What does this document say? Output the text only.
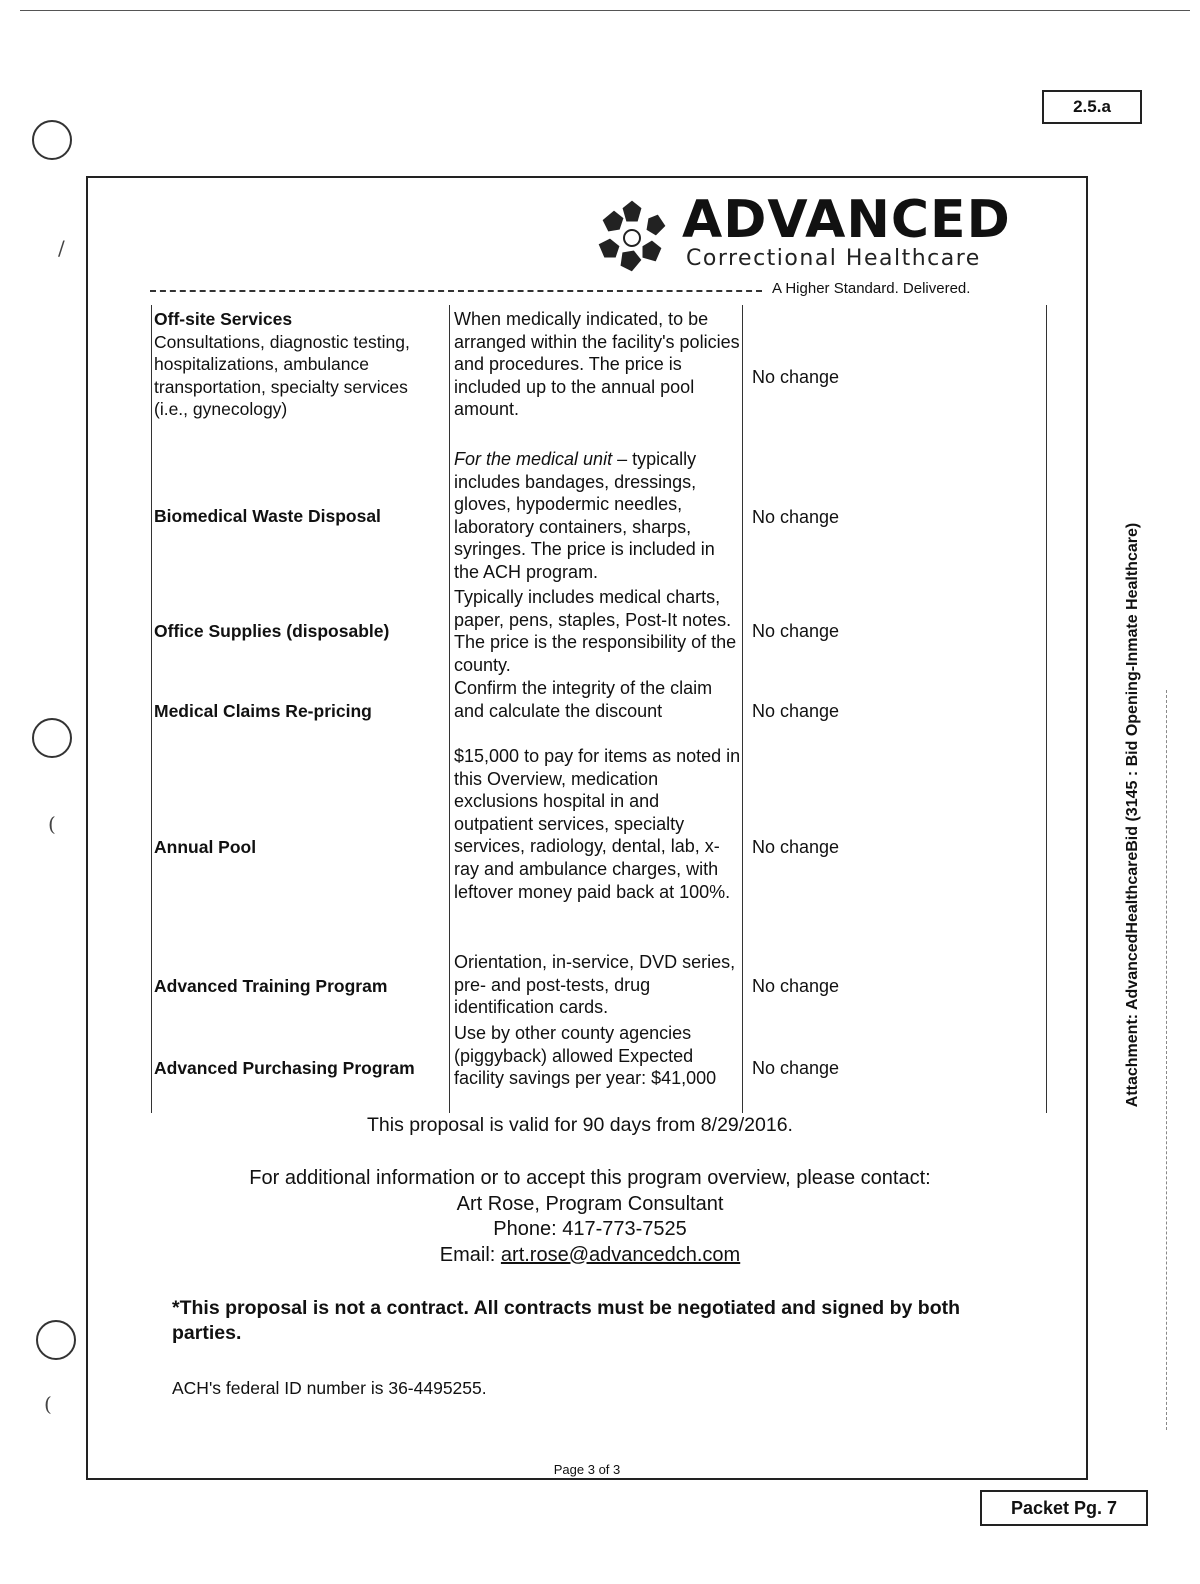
2.5.a
/
(
(
Attachment: AdvancedHealthcareBid (3145 : Bid Opening-Inmate Healthcare)
ADVANCED
Correctional Healthcare
A Higher Standard. Delivered.
Off-site Services
Consultations, diagnostic testing, hospitalizations, ambulance transportation, specialty services (i.e., gynecology)
When medically indicated, to be arranged within the facility's policies and procedures. The price is included up to the annual pool amount.
No change
Biomedical Waste Disposal
For the medical unit – typically includes bandages, dressings, gloves, hypodermic needles, laboratory containers, sharps, syringes. The price is included in the ACH program.
No change
Office Supplies (disposable)
Typically includes medical charts, paper, pens, staples, Post-It notes. The price is the responsibility of the county.
No change
Medical Claims Re-pricing
Confirm the integrity of the claim and calculate the discount	No change
Annual Pool
$15,000 to pay for items as noted in this Overview, medication exclusions hospital in and outpatient services, specialty services, radiology, dental, lab, x-ray and ambulance charges, with leftover money paid back at 100%.
No change
Advanced Training Program
Orientation, in-service, DVD series, pre- and post-tests, drug identification cards.
No change
Advanced Purchasing Program
Use by other county agencies (piggyback) allowed Expected facility savings per year: $41,000
No change
This proposal is valid for 90 days from 8/29/2016.
For additional information or to accept this program overview, please contact:
Art Rose, Program Consultant
Phone: 417-773-7525
Email: art.rose@advancedch.com
*This proposal is not a contract. All contracts must be negotiated and signed by both parties.
ACH's federal ID number is 36-4495255.
Page 3 of 3
Packet Pg. 7
